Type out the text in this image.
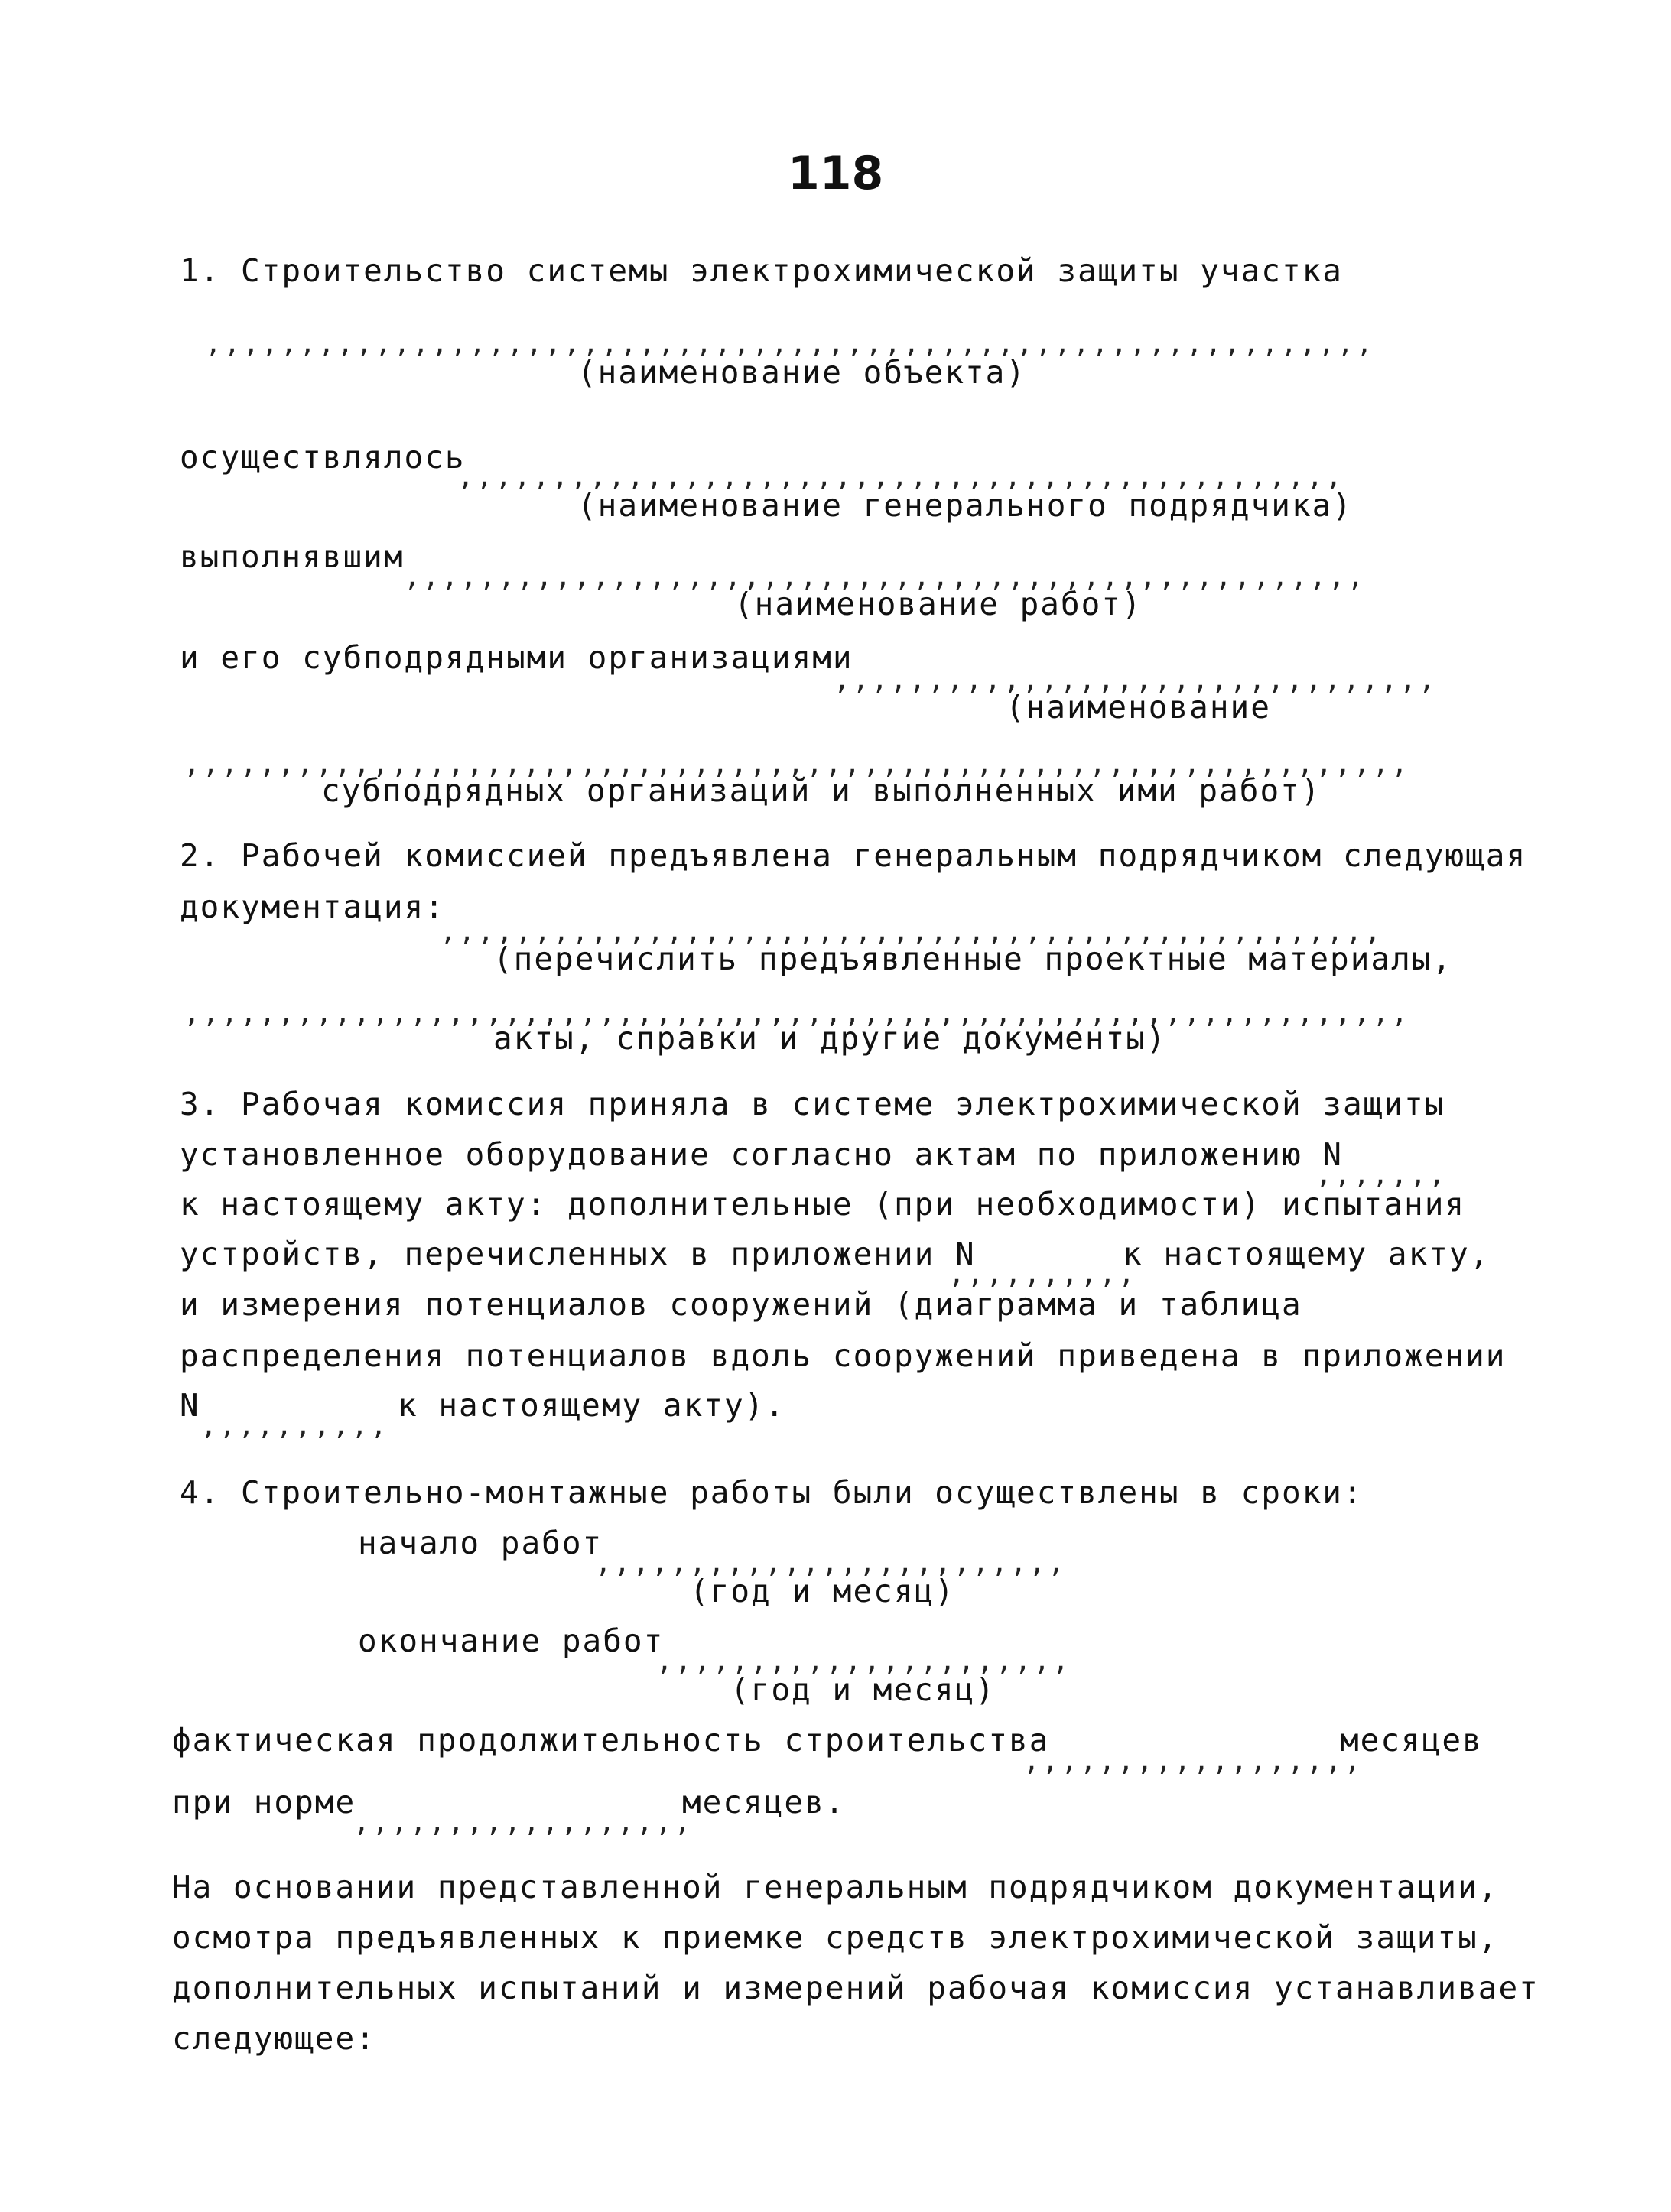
118
1. Строительство системы электрохимической защиты участка
,,,,,,,,,,,,,,,,,,,,,,,,,,,,,,,,,,,,,,,,,,,,,,,,,,,,,,,,,,,,,,
(наименование объекта)
осуществлялось
,,,,,,,,,,,,,,,,,,,,,,,,,,,,,,,,,,,,,,,,,,,,,,,
(наименование генерального подрядчика)
выполнявшим
,,,,,,,,,,,,,,,,,,,,,,,,,,,,,,,,,,,,,,,,,,,,,,,,,,,
(наименование работ)
и его субподрядными организациями
,,,,,,,,,,,,,,,,,,,,,,,,,,,,,,,,
(наименование
,,,,,,,,,,,,,,,,,,,,,,,,,,,,,,,,,,,,,,,,,,,,,,,,,,,,,,,,,,,,,,,,,
субподрядных организаций и выполненных ими работ)
2. Рабочей комиссией предъявлена генеральным подрядчиком следующая
документация:
,,,,,,,,,,,,,,,,,,,,,,,,,,,,,,,,,,,,,,,,,,,,,,,,,,
(перечислить предъявленные проектные материалы,
,,,,,,,,,,,,,,,,,,,,,,,,,,,,,,,,,,,,,,,,,,,,,,,,,,,,,,,,,,,,,,,,,
акты, справки и другие документы)
3. Рабочая комиссия приняла в системе электрохимической защиты
установленное оборудование согласно актам по приложению N
,,,,,,,
к настоящему акту: дополнительные (при необходимости) испытания
устройств, перечисленных в приложении N	к настоящему акту,
,,,,,,,,,,
и измерения потенциалов сооружений (диаграмма и таблица
распределения потенциалов вдоль сооружений приведена в приложении
N
,,,,,,,,,,
к настоящему акту).
4. Строительно-монтажные работы были осуществлены в сроки:
начало работ
,,,,,,,,,,,,,,,,,,,,,,,,,
(год и месяц)
окончание работ
,,,,,,,,,,,,,,,,,,,,,,
(год и месяц)
фактическая продолжительность строительства
,,,,,,,,,,,,,,,,,,
месяцев
при норме
,,,,,,,,,,,,,,,,,,
месяцев.
На основании представленной генеральным подрядчиком документации,
осмотра предъявленных к приемке средств электрохимической защиты,
дополнительных испытаний и измерений рабочая комиссия устанавливает
следующее:
